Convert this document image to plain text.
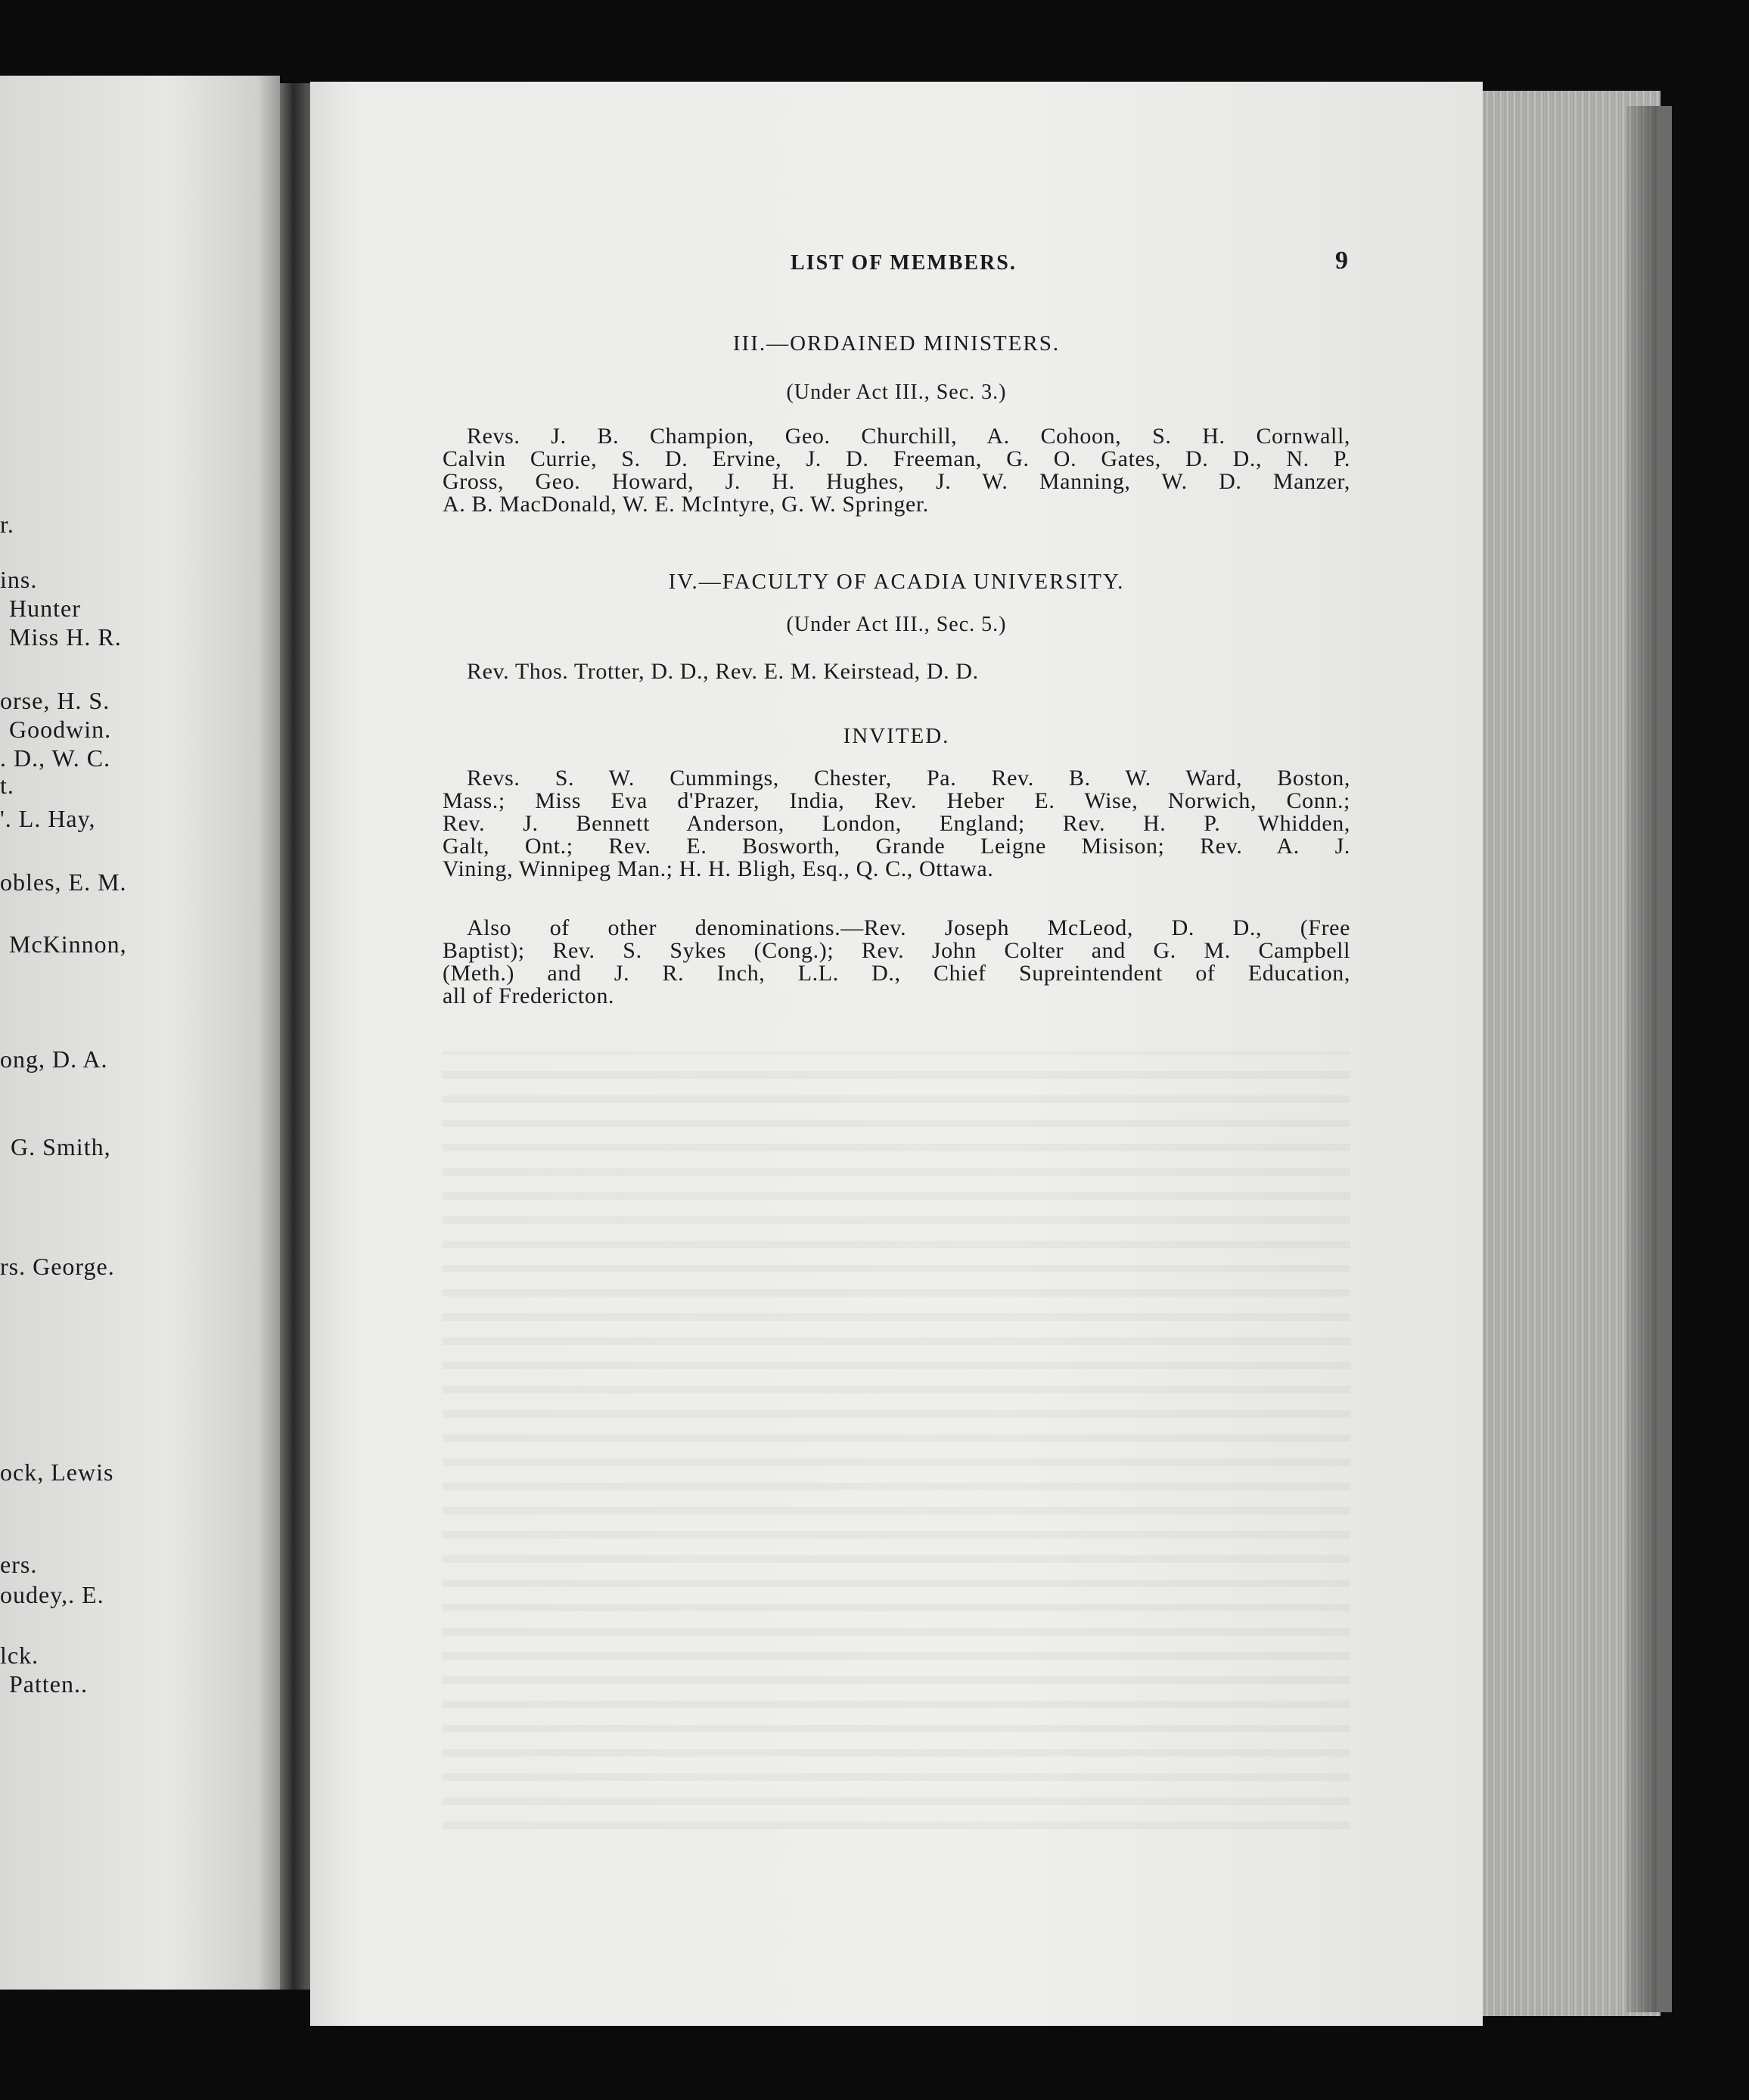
r.
ins.
Hunter
Miss H. R.
orse, H. S.
Goodwin.
. D., W. C.
t.
'. L. Hay,
obles, E. M.
McKinnon,
ong, D. A.
G. Smith,
rs. George.
ock, Lewis
ers.
oudey,. E.
lck.
Patten..
LIST OF MEMBERS.	9
III.—ORDAINED MINISTERS.
(Under Act III., Sec. 3.)
Revs. J. B. Champion, Geo. Churchill, A. Cohoon, S. H. Cornwall,
Calvin Currie, S. D. Ervine, J. D. Freeman, G. O. Gates, D. D., N. P.
Gross, Geo. Howard, J. H. Hughes, J. W. Manning, W. D. Manzer,
A. B. MacDonald, W. E. McIntyre, G. W. Springer.
IV.—FACULTY OF ACADIA UNIVERSITY.
(Under Act III., Sec. 5.)
Rev. Thos. Trotter, D. D., Rev. E. M. Keirstead, D. D.
INVITED.
Revs. S. W. Cummings, Chester, Pa. Rev. B. W. Ward, Boston,
Mass.; Miss Eva d'Prazer, India, Rev. Heber E. Wise, Norwich, Conn.;
Rev. J. Bennett Anderson, London, England; Rev. H. P. Whidden,
Galt, Ont.; Rev. E. Bosworth, Grande Leigne Misison; Rev. A. J.
Vining, Winnipeg Man.; H. H. Bligh, Esq., Q. C., Ottawa.
Also of other denominations.—Rev. Joseph McLeod, D. D., (Free
Baptist); Rev. S. Sykes (Cong.); Rev. John Colter and G. M. Campbell
(Meth.) and J. R. Inch, L.L. D., Chief Supreintendent of Education,
all of Fredericton.
